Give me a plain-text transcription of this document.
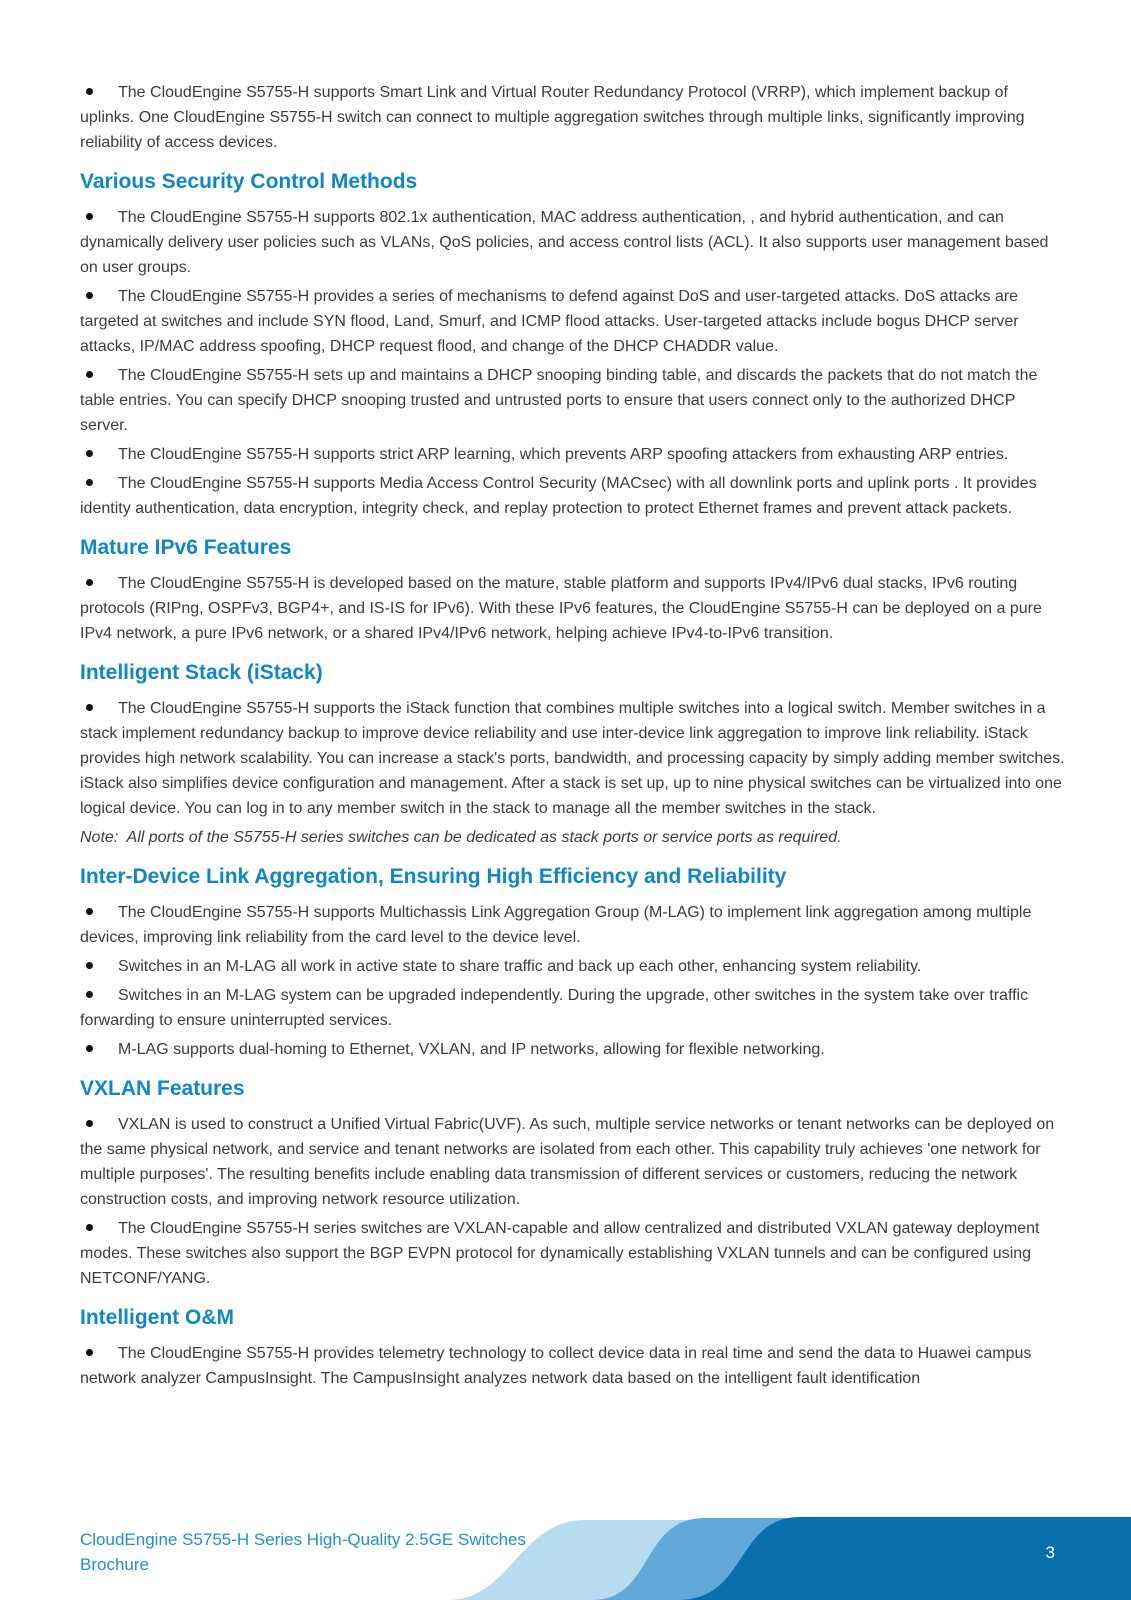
The CloudEngine S5755-H supports Smart Link and Virtual Router Redundancy Protocol (VRRP), which implement backup of uplinks. One CloudEngine S5755-H switch can connect to multiple aggregation switches through multiple links, significantly improving reliability of access devices.

Various Security Control Methods

The CloudEngine S5755-H supports 802.1x authentication, MAC address authentication, , and hybrid authentication, and can dynamically delivery user policies such as VLANs, QoS policies, and access control lists (ACL). It also supports user management based on user groups.

The CloudEngine S5755-H provides a series of mechanisms to defend against DoS and user-targeted attacks. DoS attacks are targeted at switches and include SYN flood, Land, Smurf, and ICMP flood attacks. User-targeted attacks include bogus DHCP server attacks, IP/MAC address spoofing, DHCP request flood, and change of the DHCP CHADDR value.

The CloudEngine S5755-H sets up and maintains a DHCP snooping binding table, and discards the packets that do not match the table entries. You can specify DHCP snooping trusted and untrusted ports to ensure that users connect only to the authorized DHCP server.

The CloudEngine S5755-H supports strict ARP learning, which prevents ARP spoofing attackers from exhausting ARP entries.

The CloudEngine S5755-H supports Media Access Control Security (MACsec) with all downlink ports and uplink ports . It provides identity authentication, data encryption, integrity check, and replay protection to protect Ethernet frames and prevent attack packets.

Mature IPv6 Features

The CloudEngine S5755-H is developed based on the mature, stable platform and supports IPv4/IPv6 dual stacks, IPv6 routing protocols (RIPng, OSPFv3, BGP4+, and IS-IS for IPv6). With these IPv6 features, the CloudEngine S5755-H can be deployed on a pure IPv4 network, a pure IPv6 network, or a shared IPv4/IPv6 network, helping achieve IPv4-to-IPv6 transition.

Intelligent Stack (iStack)

The CloudEngine S5755-H supports the iStack function that combines multiple switches into a logical switch. Member switches in a stack implement redundancy backup to improve device reliability and use inter-device link aggregation to improve link reliability. iStack provides high network scalability. You can increase a stack's ports, bandwidth, and processing capacity by simply adding member switches. iStack also simplifies device configuration and management. After a stack is set up, up to nine physical switches can be virtualized into one logical device. You can log in to any member switch in the stack to manage all the member switches in the stack.

Note:  All ports of the S5755-H series switches can be dedicated as stack ports or service ports as required.

Inter-Device Link Aggregation, Ensuring High Efficiency and Reliability

The CloudEngine S5755-H supports Multichassis Link Aggregation Group (M-LAG) to implement link aggregation among multiple devices, improving link reliability from the card level to the device level.

Switches in an M-LAG all work in active state to share traffic and back up each other, enhancing system reliability.

Switches in an M-LAG system can be upgraded independently. During the upgrade, other switches in the system take over traffic forwarding to ensure uninterrupted services.

M-LAG supports dual-homing to Ethernet, VXLAN, and IP networks, allowing for flexible networking.

VXLAN Features

VXLAN is used to construct a Unified Virtual Fabric(UVF). As such, multiple service networks or tenant networks can be deployed on the same physical network, and service and tenant networks are isolated from each other. This capability truly achieves 'one network for multiple purposes'. The resulting benefits include enabling data transmission of different services or customers, reducing the network construction costs, and improving network resource utilization.

The CloudEngine S5755-H series switches are VXLAN-capable and allow centralized and distributed VXLAN gateway deployment modes. These switches also support the BGP EVPN protocol for dynamically establishing VXLAN tunnels and can be configured using NETCONF/YANG.

Intelligent O&M

The CloudEngine S5755-H provides telemetry technology to collect device data in real time and send the data to Huawei campus network analyzer CampusInsight. The CampusInsight analyzes network data based on the intelligent fault identification

CloudEngine S5755-H Series High-Quality 2.5GE Switches
Brochure
3
